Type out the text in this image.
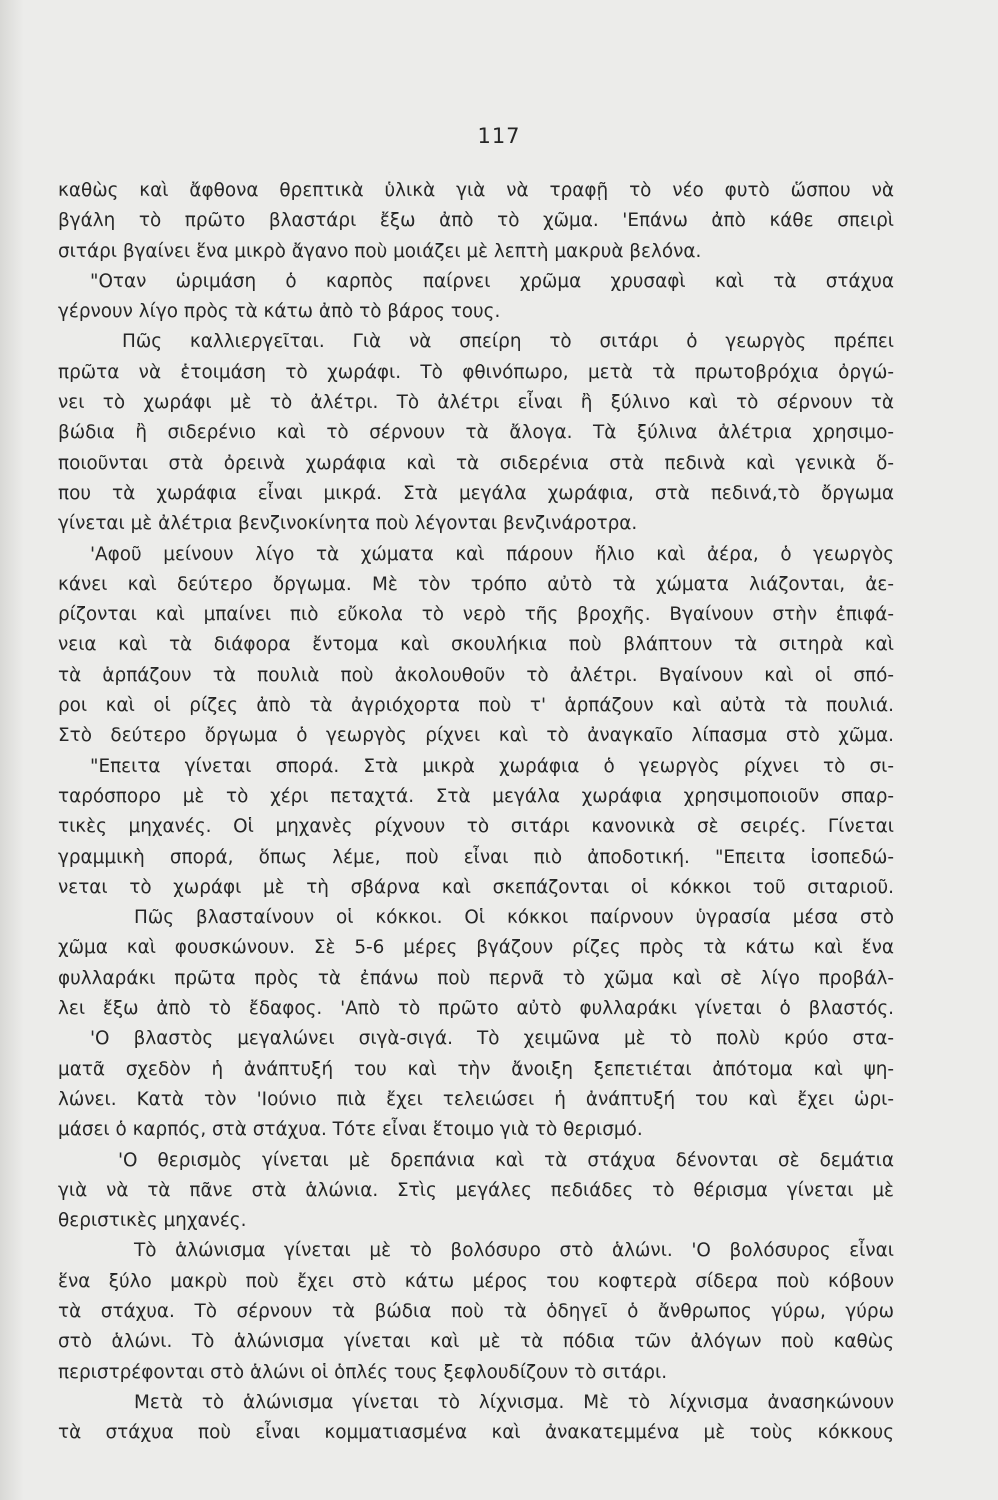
117
καθὼς καὶ ἄφθονα θρεπτικὰ ὑλικὰ γιὰ νὰ τραφῇ τὸ νέο φυτὸ ὥσπου νὰ
βγάλη τὸ πρῶτο βλαστάρι ἔξω ἀπὸ τὸ χῶμα. 'Επάνω ἀπὸ κάθε σπειρὶ
σιτάρι βγαίνει ἕνα μικρὸ ἄγανο ποὺ μοιάζει μὲ λεπτὴ μακρυὰ βελόνα.
"Οταν ὡριμάση ὁ καρπὸς παίρνει χρῶμα χρυσαφὶ καὶ τὰ στάχυα
γέρνουν λίγο πρὸς τὰ κάτω ἀπὸ τὸ βάρος τους.
Πῶς καλλιεργεῖται. Γιὰ νὰ σπείρη τὸ σιτάρι ὁ γεωργὸς πρέπει
πρῶτα νὰ ἑτοιμάση τὸ χωράφι. Τὸ φθινόπωρο, μετὰ τὰ πρωτοβρόχια ὀργώ-
νει τὸ χωράφι μὲ τὸ ἀλέτρι. Τὸ ἀλέτρι εἶναι ἢ ξύλινο καὶ τὸ σέρνουν τὰ
βώδια ἢ σιδερένιο καὶ τὸ σέρνουν τὰ ἄλογα. Τὰ ξύλινα ἀλέτρια χρησιμο-
ποιοῦνται στὰ ὀρεινὰ χωράφια καὶ τὰ σιδερένια στὰ πεδινὰ καὶ γενικὰ ὅ-
που τὰ χωράφια εἶναι μικρά. Στὰ μεγάλα χωράφια, στὰ πεδινά,τὸ ὄργωμα
γίνεται μὲ ἀλέτρια βενζινοκίνητα ποὺ λέγονται βενζινάροτρα.
'Αφοῦ μείνουν λίγο τὰ χώματα καὶ πάρουν ἥλιο καὶ ἀέρα, ὁ γεωργὸς
κάνει καὶ δεύτερο ὄργωμα. Μὲ τὸν τρόπο αὐτὸ τὰ χώματα λιάζονται, ἀε-
ρίζονται καὶ μπαίνει πιὸ εὔκολα τὸ νερὸ τῆς βροχῆς. Βγαίνουν στὴν ἐπιφά-
νεια καὶ τὰ διάφορα ἔντομα καὶ σκουλήκια ποὺ βλάπτουν τὰ σιτηρὰ καὶ
τὰ ἁρπάζουν τὰ πουλιὰ ποὺ ἀκολουθοῦν τὸ ἀλέτρι. Βγαίνουν καὶ οἱ σπό-
ροι καὶ οἱ ρίζες ἀπὸ τὰ ἀγριόχορτα ποὺ τ' ἁρπάζουν καὶ αὐτὰ τὰ πουλιά.
Στὸ δεύτερο ὄργωμα ὁ γεωργὸς ρίχνει καὶ τὸ ἀναγκαῖο λίπασμα στὸ χῶμα.
"Επειτα γίνεται σπορά. Στὰ μικρὰ χωράφια ὁ γεωργὸς ρίχνει τὸ σι-
ταρόσπορο μὲ τὸ χέρι πεταχτά. Στὰ μεγάλα χωράφια χρησιμοποιοῦν σπαρ-
τικὲς μηχανές. Οἱ μηχανὲς ρίχνουν τὸ σιτάρι κανονικὰ σὲ σειρές. Γίνεται
γραμμικὴ σπορά, ὅπως λέμε, ποὺ εἶναι πιὸ ἀποδοτική. "Επειτα ἰσοπεδώ-
νεται τὸ χωράφι μὲ τὴ σβάρνα καὶ σκεπάζονται οἱ κόκκοι τοῦ σιταριοῦ.
Πῶς βλασταίνουν οἱ κόκκοι. Οἱ κόκκοι παίρνουν ὑγρασία μέσα στὸ
χῶμα καὶ φουσκώνουν. Σὲ 5-6 μέρες βγάζουν ρίζες πρὸς τὰ κάτω καὶ ἕνα
φυλλαράκι πρῶτα πρὸς τὰ ἐπάνω ποὺ περνᾶ τὸ χῶμα καὶ σὲ λίγο προβάλ-
λει ἔξω ἀπὸ τὸ ἔδαφος. 'Απὸ τὸ πρῶτο αὐτὸ φυλλαράκι γίνεται ὁ βλαστός.
'Ο βλαστὸς μεγαλώνει σιγὰ-σιγά. Τὸ χειμῶνα μὲ τὸ πολὺ κρύο στα-
ματᾶ σχεδὸν ἡ ἀνάπτυξή του καὶ τὴν ἄνοιξη ξεπετιέται ἀπότομα καὶ ψη-
λώνει. Κατὰ τὸν 'Ιούνιο πιὰ ἔχει τελειώσει ἡ ἀνάπτυξή του καὶ ἔχει ὡρι-
μάσει ὁ καρπός, στὰ στάχυα. Τότε εἶναι ἕτοιμο γιὰ τὸ θερισμό.
'Ο θερισμὸς γίνεται μὲ δρεπάνια καὶ τὰ στάχυα δένονται σὲ δεμάτια
γιὰ νὰ τὰ πᾶνε στὰ ἁλώνια. Στὶς μεγάλες πεδιάδες τὸ θέρισμα γίνεται μὲ
θεριστικὲς μηχανές.
Τὸ ἁλώνισμα γίνεται μὲ τὸ βολόσυρο στὸ ἁλώνι. 'Ο βολόσυρος εἶναι
ἕνα ξύλο μακρὺ ποὺ ἔχει στὸ κάτω μέρος του κοφτερὰ σίδερα ποὺ κόβουν
τὰ στάχυα. Τὸ σέρνουν τὰ βώδια ποὺ τὰ ὁδηγεῖ ὁ ἄνθρωπος γύρω, γύρω
στὸ ἁλώνι. Τὸ ἁλώνισμα γίνεται καὶ μὲ τὰ πόδια τῶν ἀλόγων ποὺ καθὼς
περιστρέφονται στὸ ἁλώνι οἱ ὁπλές τους ξεφλουδίζουν τὸ σιτάρι.
Μετὰ τὸ ἁλώνισμα γίνεται τὸ λίχνισμα. Μὲ τὸ λίχνισμα ἀνασηκώνουν
τὰ στάχυα ποὺ εἶναι κομματιασμένα καὶ ἀνακατεμμένα μὲ τοὺς κόκκους
